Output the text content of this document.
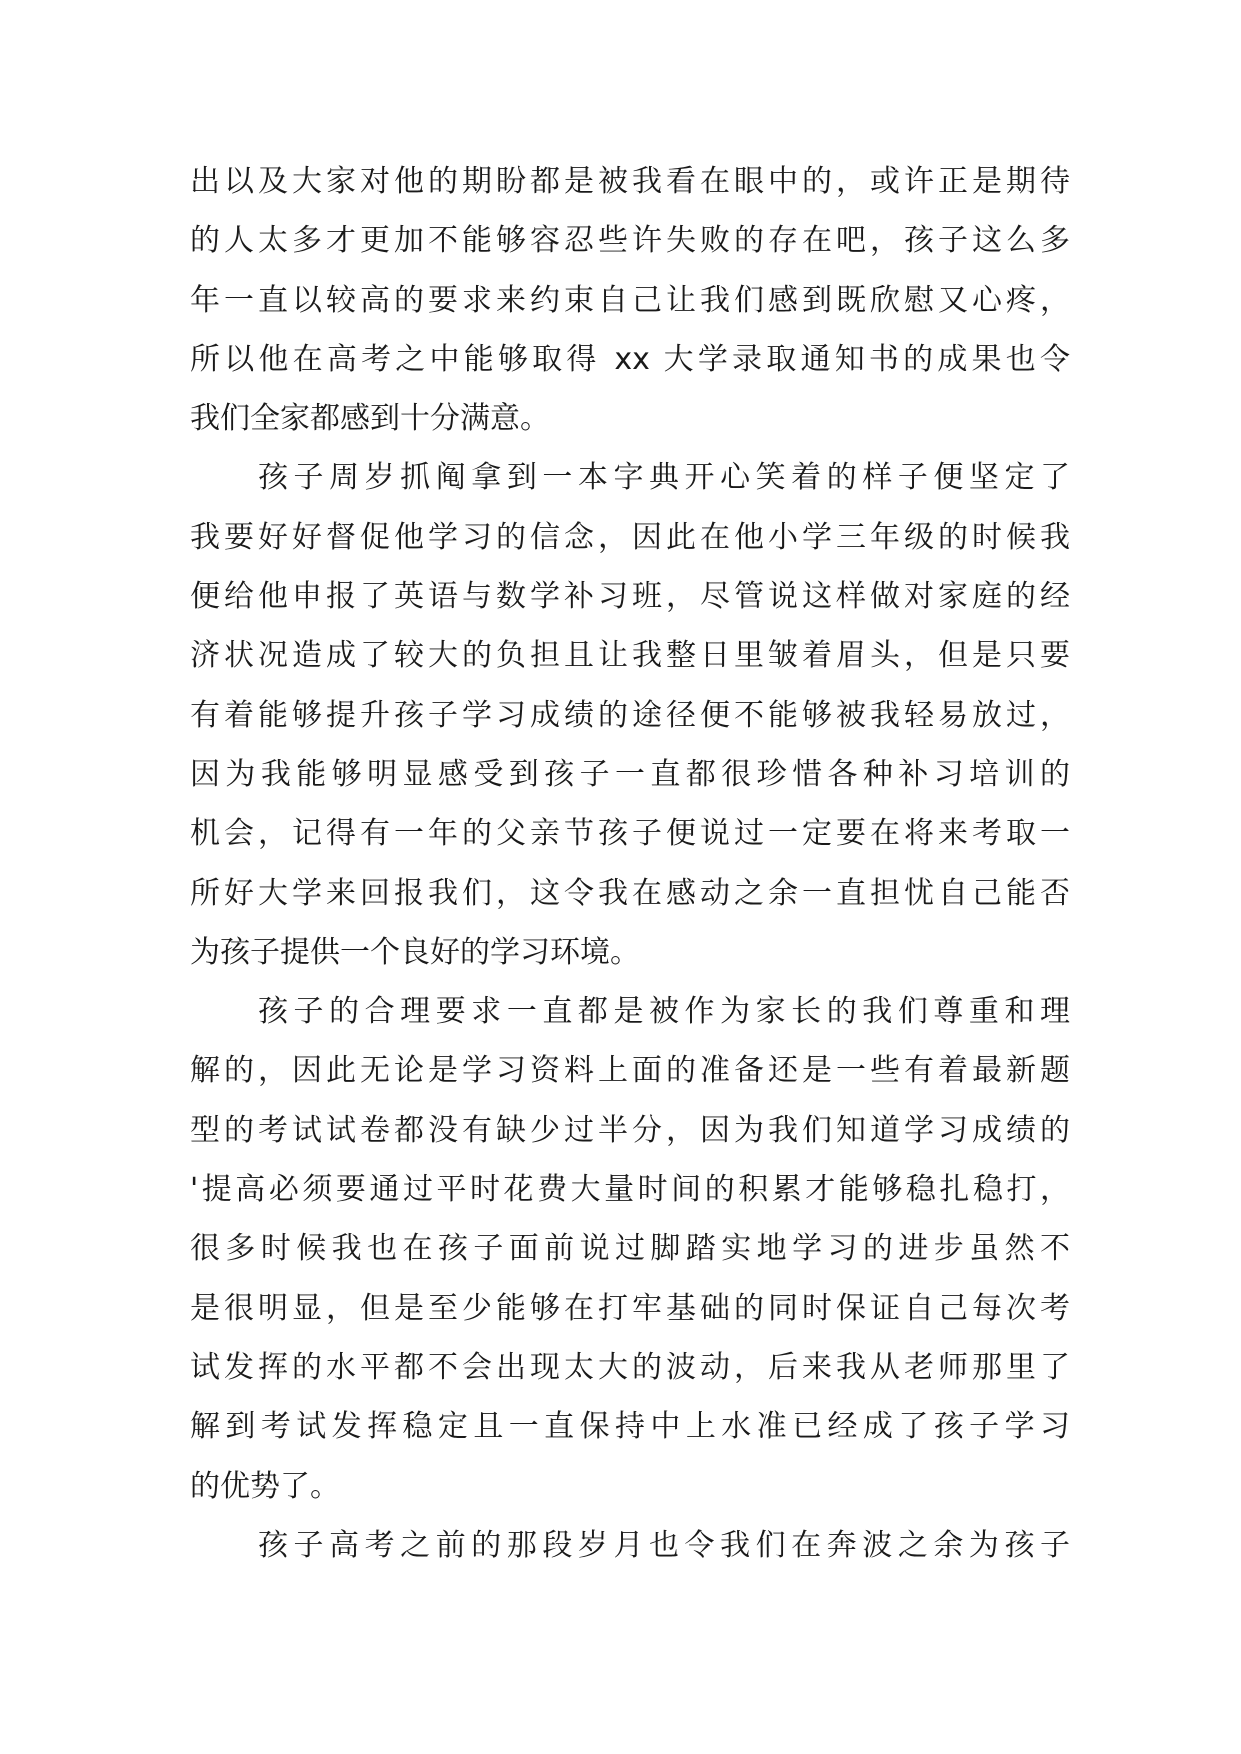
出以及大家对他的期盼都是被我看在眼中的，或许正是期待
的人太多才更加不能够容忍些许失败的存在吧，孩子这么多
年一直以较高的要求来约束自己让我们感到既欣慰又心疼，
所以他在高考之中能够取得 xx 大学录取通知书的成果也令
我们全家都感到十分满意。
孩子周岁抓阄拿到一本字典开心笑着的样子便坚定了
我要好好督促他学习的信念，因此在他小学三年级的时候我
便给他申报了英语与数学补习班，尽管说这样做对家庭的经
济状况造成了较大的负担且让我整日里皱着眉头，但是只要
有着能够提升孩子学习成绩的途径便不能够被我轻易放过，
因为我能够明显感受到孩子一直都很珍惜各种补习培训的
机会，记得有一年的父亲节孩子便说过一定要在将来考取一
所好大学来回报我们，这令我在感动之余一直担忧自己能否
为孩子提供一个良好的学习环境。
孩子的合理要求一直都是被作为家长的我们尊重和理
解的，因此无论是学习资料上面的准备还是一些有着最新题
型的考试试卷都没有缺少过半分，因为我们知道学习成绩的
'提高必须要通过平时花费大量时间的积累才能够稳扎稳打，
很多时候我也在孩子面前说过脚踏实地学习的进步虽然不
是很明显，但是至少能够在打牢基础的同时保证自己每次考
试发挥的水平都不会出现太大的波动，后来我从老师那里了
解到考试发挥稳定且一直保持中上水准已经成了孩子学习
的优势了。
孩子高考之前的那段岁月也令我们在奔波之余为孩子
